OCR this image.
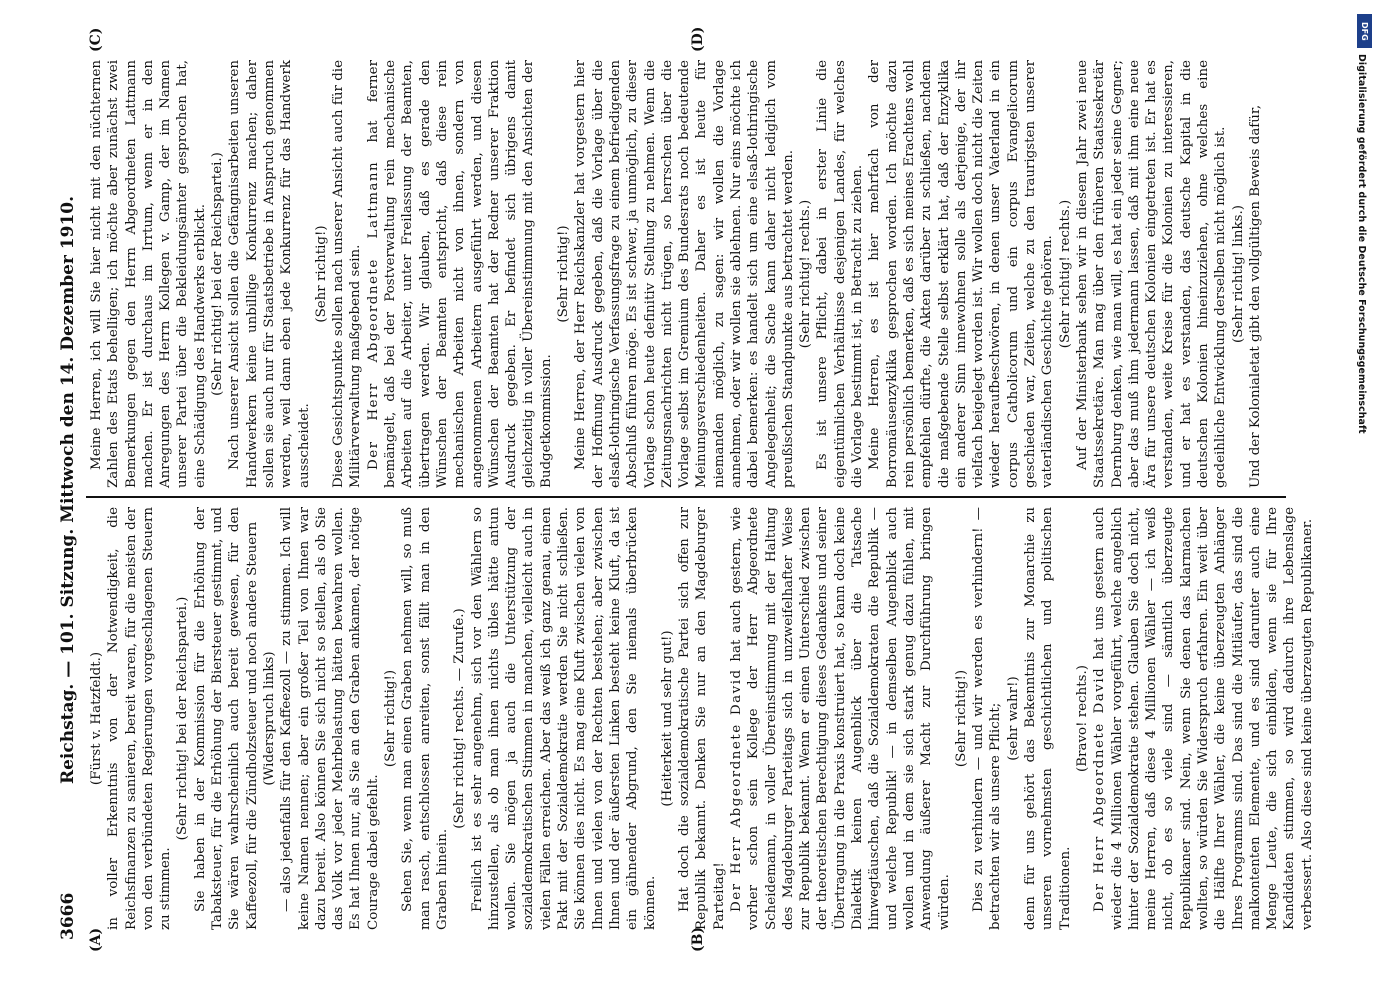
3666
Reichstag. — 101. Sitzung. Mittwoch den 14. Dezember 1910.
(A)	(B)
(C)	(D)

(Fürst v. Hatzfeldt.) in voller Erkenntnis von der Notwendigkeit, die Reichsfinanzen zu sanieren, bereit waren, für die meisten der von den verbündeten Regierungen vorgeschlagenen Steuern zu stimmen.

(Sehr richtig! bei der Reichspartei.) Sie haben in der Kommission für die Erhöhung der Tabaksteuer, für die Erhöhung der Biersteuer gestimmt, und Sie wären wahrscheinlich auch bereit gewesen, für den Kaffeezoll, für die Zündholzsteuer und noch andere Steuern (Widerspruch links) — also jedenfalls für den Kaffeezoll — zu stimmen. Ich will keine Namen nennen; aber ein großer Teil von Ihnen war dazu bereit. Also können Sie sich nicht so stellen, als ob Sie das Volk vor jeder Mehrbelastung hätten bewahren wollen. Es hat Ihnen nur, als Sie an den Graben ankamen, der nötige Courage dabei gefehlt.

(Sehr richtig!) Sehen Sie, wenn man einen Graben nehmen will, so muß man rasch, entschlossen anreiten, sonst fällt man in den Graben hinein.

(Sehr richtig! rechts. — Zurufe.) Freilich ist es sehr angenehm, sich vor den Wählern so hinzustellen, als ob man ihnen nichts übles hätte antun wollen. Sie mögen ja auch die Unterstützung der sozialdemokratischen Stimmen in manchen, vielleicht auch in vielen Fällen erreichen. Aber das weiß ich ganz genau, einen Pakt mit der Sozialdemokratie werden Sie nicht schließen. Sie können dies nicht. Es mag eine Kluft zwischen vielen von Ihnen und vielen von der Rechten bestehen; aber zwischen Ihnen und der äußersten Linken besteht keine Kluft, da ist ein gähnender Abgrund, den Sie niemals überbrücken können.

(Heiterkeit und sehr gut!) Hat doch die sozialdemokratische Partei sich offen zur Republik bekannt. Denken Sie nur an den Magdeburger Parteitag! Der Herr Abgeordnete David hat auch gestern, wie vorher schon sein Kollege der Herr Abgeordnete Scheidemann, in voller Übereinstimmung mit der Haltung des Magdeburger Parteitags sich in unzweifelhafter Weise zur Republik bekannt. Wenn er einen Unterschied zwischen der theoretischen Berechtigung dieses Gedankens und seiner Übertragung in die Praxis konstruiert hat, so kann doch keine Dialektik keinen Augenblick über die Tatsache hinwegtäuschen, daß die Sozialdemokraten die Republik — und welche Republik! — in demselben Augenblick auch wollen und in dem sie sich stark genug dazu fühlen, mit Anwendung äußerer Macht zur Durchführung bringen würden.

(Sehr richtig!) Dies zu verhindern — und wir werden es verhindern! — betrachten wir als unsere Pflicht; (sehr wahr!) denn für uns gehört das Bekenntnis zur Monarchie zu unseren vornehmsten geschichtlichen und politischen Traditionen.

(Bravo! rechts.) Der Herr Abgeordnete David hat uns gestern auch wieder die 4 Millionen Wähler vorgeführt, welche angeblich hinter der Sozialdemokratie stehen. Glauben Sie doch nicht, meine Herren, daß diese 4 Millionen Wähler — ich weiß nicht, ob es so viele sind — sämtlich überzeugte Republikaner sind. Nein, wenn Sie denen das klarmachen wollten, so würden Sie Widerspruch erfahren. Ein weit über die Hälfte Ihrer Wähler, die keine überzeugten Anhänger Ihres Programms sind. Das sind die Mitläufer, das sind die malkontenten Elemente, und es sind darunter auch eine Menge Leute, die sich einbilden, wenn sie für Ihre Kandidaten stimmen, so wird dadurch ihre Lebenslage verbessert. Also diese sind keine überzeugten Republikaner.

Meine Herren, ich will Sie hier nicht mit den nüchternen Zahlen des Etats behelligen; ich möchte aber zunächst zwei Bemerkungen gegen den Herrn Abgeordneten Lattmann machen. Er ist durchaus im Irrtum, wenn er in den Anregungen des Herrn Kollegen v. Gamp, der im Namen unserer Partei über die Bekleidungsämter gesprochen hat, eine Schädigung des Handwerks erblickt. (Sehr richtig! bei der Reichspartei.) Nach unserer Ansicht sollen die Gefängnisarbeiten unseren Handwerkern keine unbillige Konkurrenz machen; daher sollen sie auch nur für Staatsbetriebe in Anspruch genommen werden, weil dann eben jede Konkurrenz für das Handwerk ausscheidet.

(Sehr richtig!) Diese Gesichtspunkte sollen nach unserer Ansicht auch für die Militärverwaltung maßgebend sein. Der Herr Abgeordnete Lattmann hat ferner bemängelt, daß bei der Postverwaltung rein mechanische Arbeiten auf die Arbeiter, unter Freilassung der Beamten, übertragen werden. Wir glauben, daß es gerade den Wünschen der Beamten entspricht, daß diese rein mechanischen Arbeiten nicht von ihnen, sondern von angenommenen Arbeitern ausgeführt werden, und diesen Wünschen der Beamten hat der Redner unserer Fraktion Ausdruck gegeben. Er befindet sich übrigens damit gleichzeitig in voller Übereinstimmung mit den Ansichten der Budgetkommission.

(Sehr richtig!) Meine Herren, der Herr Reichskanzler hat vorgestern hier der Hoffnung Ausdruck gegeben, daß die Vorlage über die elsaß-lothringische Verfassungsfrage zu einem befriedigenden Abschluß führen möge. Es ist schwer, ja unmöglich, zu dieser Vorlage schon heute definitiv Stellung zu nehmen. Wenn die Zeitungsnachrichten nicht trügen, so herrschen über die Vorlage selbst im Gremium des Bundesrats noch bedeutende Meinungsverschiedenheiten. Daher es ist heute für niemanden möglich, zu sagen: wir wollen die Vorlage annehmen, oder wir wollen sie ablehnen. Nur eins möchte ich dabei bemerken: es handelt sich um eine elsaß-lothringische Angelegenheit; die Sache kann daher nicht lediglich vom preußischen Standpunkte aus betrachtet werden. (Sehr richtig! rechts.) Es ist unsere Pflicht, dabei in erster Linie die eigentümlichen Verhältnisse desjenigen Landes, für welches die Vorlage bestimmt ist, in Betracht zu ziehen. Meine Herren, es ist hier mehrfach von der Borromäusenzyklika gesprochen worden. Ich möchte dazu rein persönlich bemerken, daß es sich meines Erachtens wohl empfehlen dürfte, die Akten darüber zu schließen, nachdem die maßgebende Stelle selbst erklärt hat, daß der Enzyklika ein anderer Sinn innewohnen solle als derjenige, der ihr vielfach beigelegt worden ist. Wir wollen doch nicht die Zeiten wieder heraufbeschwören, in denen unser Vaterland in ein corpus Catholicorum und ein corpus Evangelicorum geschieden war, Zeiten, welche zu den traurigsten unserer vaterländischen Geschichte gehören. (Sehr richtig! rechts.) Auf der Ministerbank sehen wir in diesem Jahr zwei neue Staatssekretäre. Man mag über den früheren Staatssekretär Dernburg denken, wie man will, es hat ein jeder seine Gegner; aber das muß ihm jedermann lassen, daß mit ihm eine neue Ära für unsere deutschen Kolonien eingetreten ist. Er hat es verstanden, weite Kreise für die Kolonien zu interessieren, und er hat es verstanden, das deutsche Kapital in die deutschen Kolonien hineinzuziehen, ohne welches eine gedeihliche Entwicklung derselben nicht möglich ist. (Sehr richtig! links.) Und der Kolonialetat gibt den vollgültigen Beweis dafür,

DFG
Digitalisierung gefördert durch die Deutsche Forschungsgemeinschaft
